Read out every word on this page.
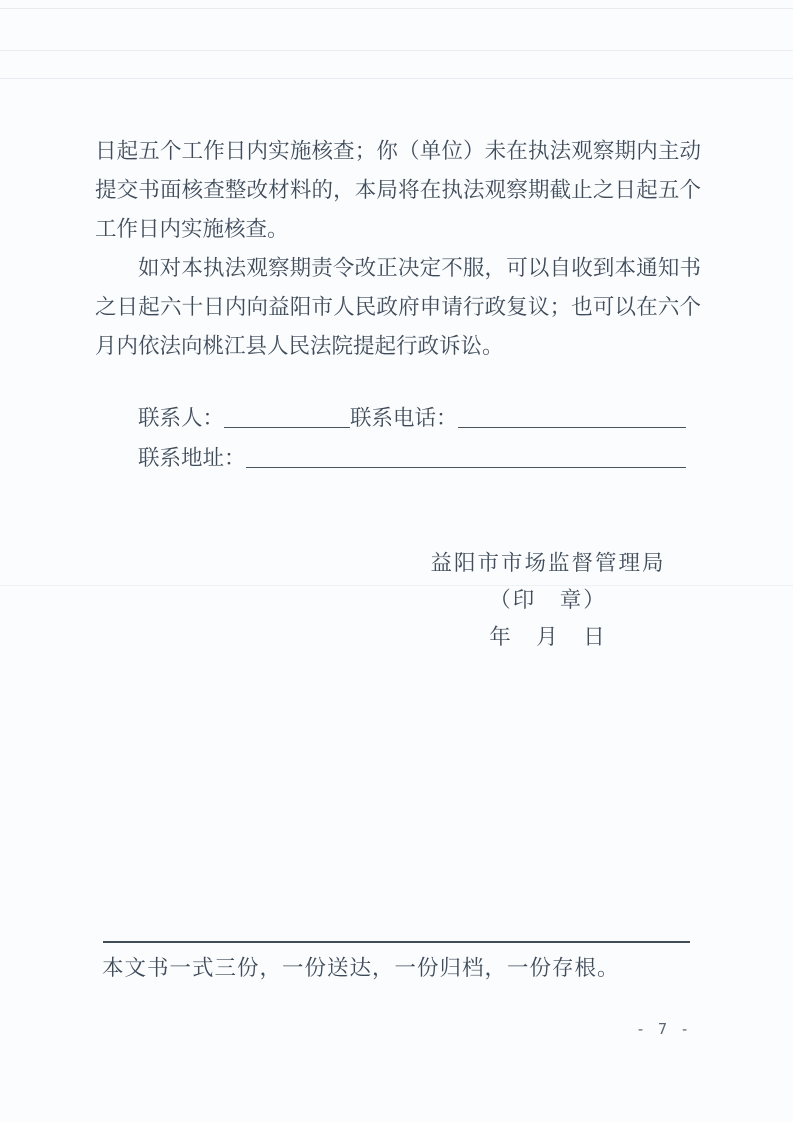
日起五个工作日内实施核查；你（单位）未在执法观察期内主动提交书面核查整改材料的，本局将在执法观察期截止之日起五个工作日内实施核查。

如对本执法观察期责令改正决定不服，可以自收到本通知书之日起六十日内向益阳市人民政府申请行政复议；也可以在六个月内依法向桃江县人民法院提起行政诉讼。

联系人：	联系电话：
联系地址：
益阳市市场监督管理局
（印　章）
年　月　日
本文书一式三份，一份送达，一份归档，一份存根。
- 7 -
